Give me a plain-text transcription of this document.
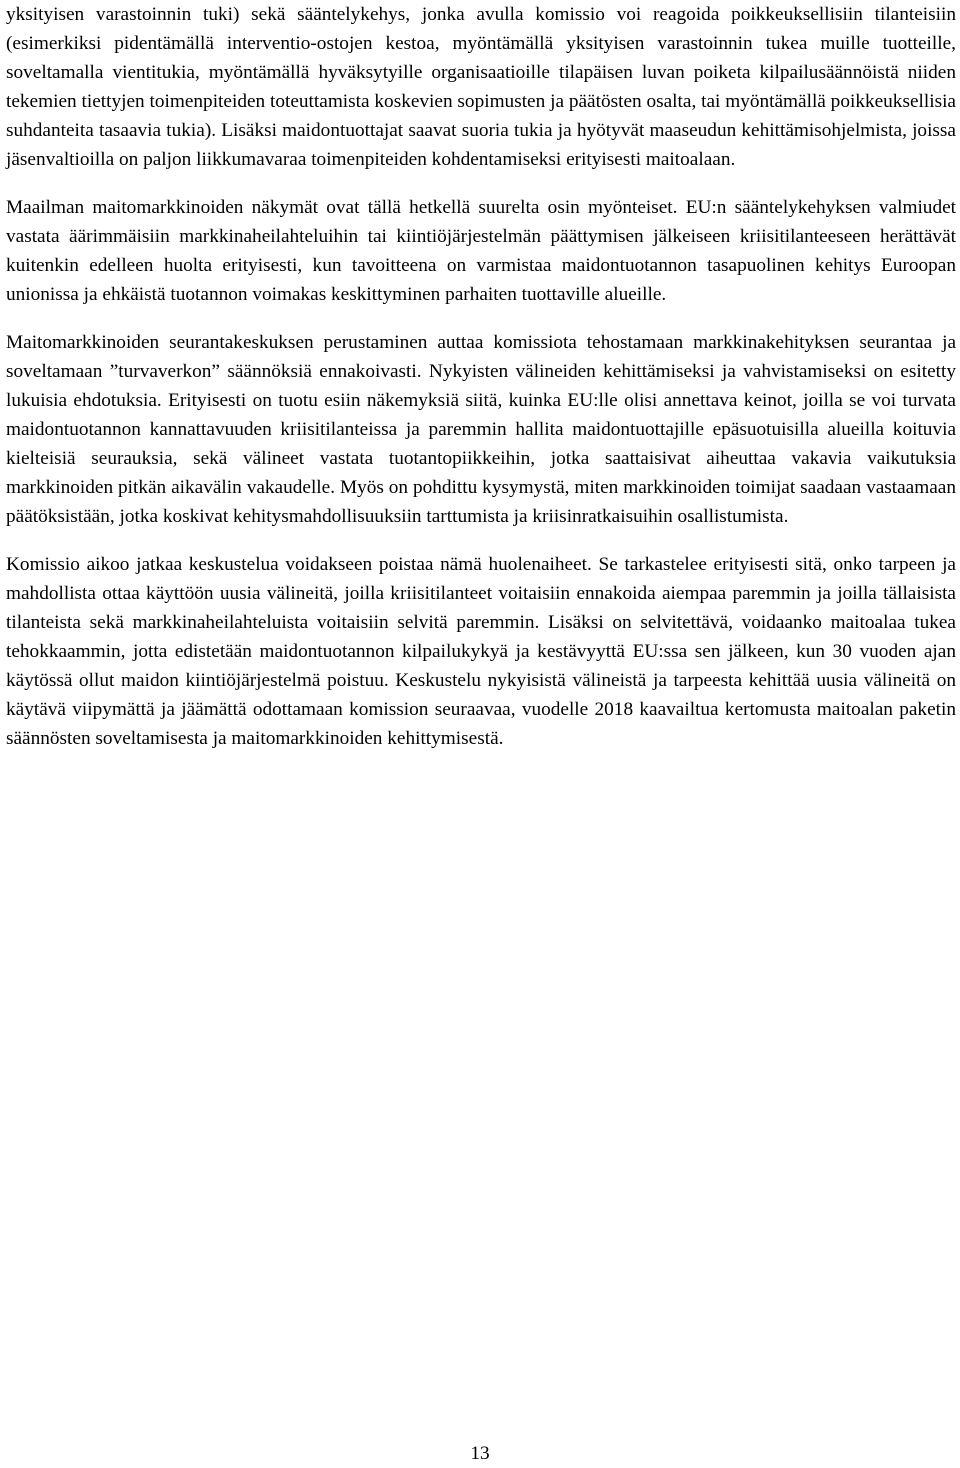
yksityisen varastoinnin tuki) sekä sääntelykehys, jonka avulla komissio voi reagoida poikkeuksellisiin tilanteisiin (esimerkiksi pidentämällä interventio-ostojen kestoa, myöntämällä yksityisen varastoinnin tukea muille tuotteille, soveltamalla vientitukia, myöntämällä hyväksytyille organisaatioille tilapäisen luvan poiketa kilpailusäännöistä niiden tekemien tiettyjen toimenpiteiden toteuttamista koskevien sopimusten ja päätösten osalta, tai myöntämällä poikkeuksellisia suhdanteita tasaavia tukia). Lisäksi maidontuottajat saavat suoria tukia ja hyötyvät maaseudun kehittämisohjelmista, joissa jäsenvaltioilla on paljon liikkumavaraa toimenpiteiden kohdentamiseksi erityisesti maitoalaan.

Maailman maitomarkkinoiden näkymät ovat tällä hetkellä suurelta osin myönteiset. EU:n sääntelykehyksen valmiudet vastata äärimmäisiin markkinaheilahteluihin tai kiintiöjärjestelmän päättymisen jälkeiseen kriisitilanteeseen herättävät kuitenkin edelleen huolta erityisesti, kun tavoitteena on varmistaa maidontuotannon tasapuolinen kehitys Euroopan unionissa ja ehkäistä tuotannon voimakas keskittyminen parhaiten tuottaville alueille.

Maitomarkkinoiden seurantakeskuksen perustaminen auttaa komissiota tehostamaan markkinakehityksen seurantaa ja soveltamaan ”turvaverkon” säännöksiä ennakoivasti. Nykyisten välineiden kehittämiseksi ja vahvistamiseksi on esitetty lukuisia ehdotuksia. Erityisesti on tuotu esiin näkemyksiä siitä, kuinka EU:lle olisi annettava keinot, joilla se voi turvata maidontuotannon kannattavuuden kriisitilanteissa ja paremmin hallita maidontuottajille epäsuotuisilla alueilla koituvia kielteisiä seurauksia, sekä välineet vastata tuotantopiikkeihin, jotka saattaisivat aiheuttaa vakavia vaikutuksia markkinoiden pitkän aikavälin vakaudelle. Myös on pohdittu kysymystä, miten markkinoiden toimijat saadaan vastaamaan päätöksistään, jotka koskivat kehitysmahdollisuuksiin tarttumista ja kriisinratkaisuihin osallistumista.

Komissio aikoo jatkaa keskustelua voidakseen poistaa nämä huolenaiheet. Se tarkastelee erityisesti sitä, onko tarpeen ja mahdollista ottaa käyttöön uusia välineitä, joilla kriisitilanteet voitaisiin ennakoida aiempaa paremmin ja joilla tällaisista tilanteista sekä markkinaheilahteluista voitaisiin selvitä paremmin. Lisäksi on selvitettävä, voidaanko maitoalaa tukea tehokkaammin, jotta edistetään maidontuotannon kilpailukykyä ja kestävyyttä EU:ssa sen jälkeen, kun 30 vuoden ajan käytössä ollut maidon kiintiöjärjestelmä poistuu. Keskustelu nykyisistä välineistä ja tarpeesta kehittää uusia välineitä on käytävä viipymättä ja jäämättä odottamaan komission seuraavaa, vuodelle 2018 kaavailtua kertomusta maitoalan paketin säännösten soveltamisesta ja maitomarkkinoiden kehittymisestä.

13
